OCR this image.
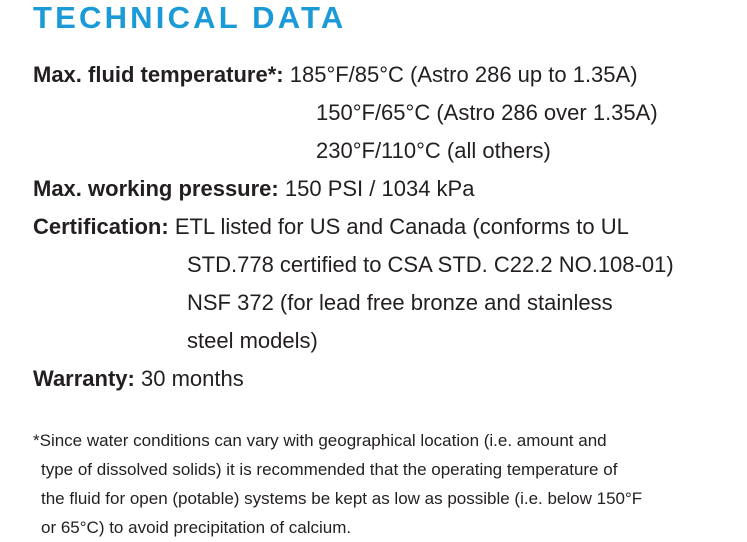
TECHNICAL DATA
Max. fluid temperature*: 185°F/85°C (Astro 286 up to 1.35A)
150°F/65°C (Astro 286 over 1.35A)
230°F/110°C (all others)
Max. working pressure: 150 PSI / 1034 kPa
Certification: ETL listed for US and Canada (conforms to UL
STD.778 certified to CSA STD. C22.2 NO.108-01)
NSF 372 (for lead free bronze and stainless
steel models)
Warranty: 30 months
*Since water conditions can vary with geographical location (i.e. amount and
type of dissolved solids) it is recommended that the operating temperature of
the fluid for open (potable) systems be kept as low as possible (i.e. below 150°F
or 65°C) to avoid precipitation of calcium.
